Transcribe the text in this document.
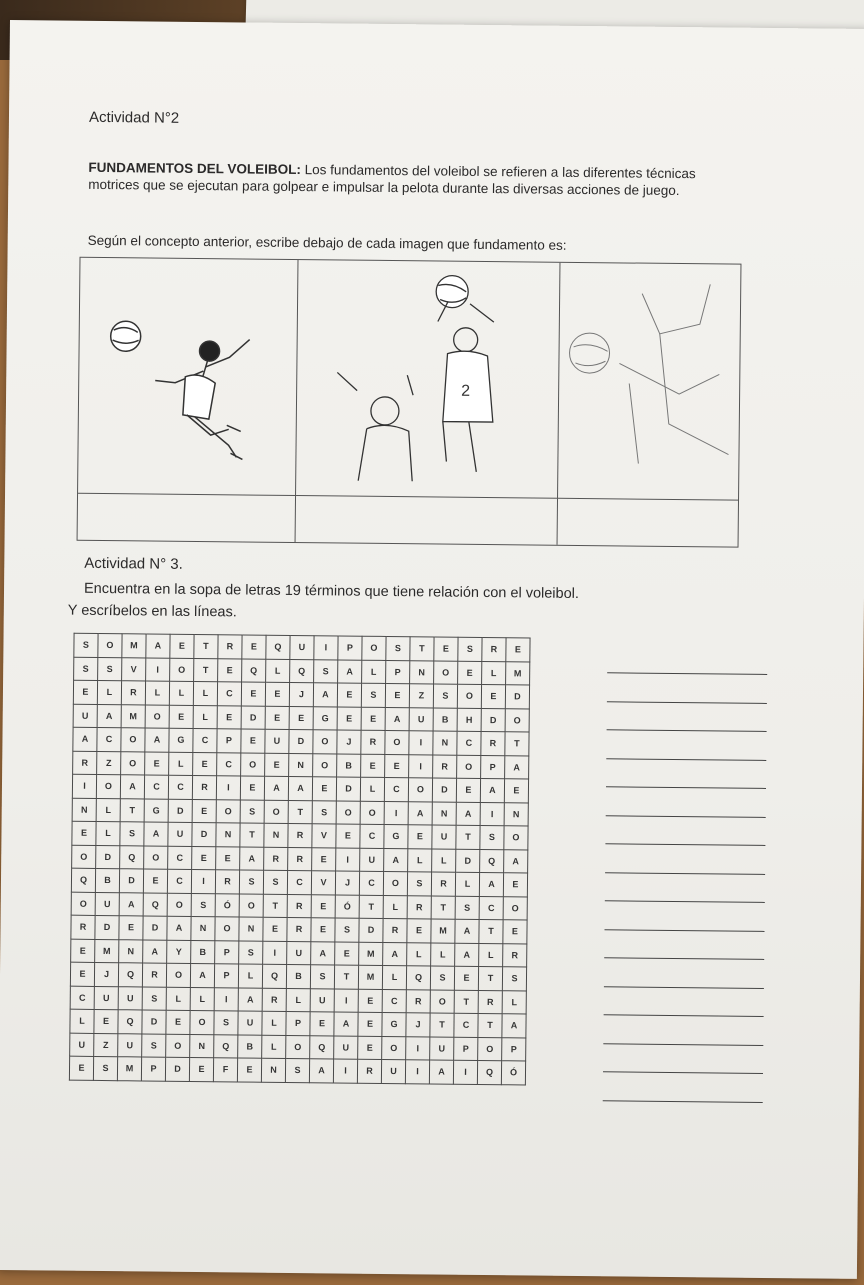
Actividad N°2
FUNDAMENTOS DEL VOLEIBOL: Los fundamentos del voleibol se refieren a las diferentes técnicas motrices que se ejecutan para golpear e impulsar la pelota durante las diversas acciones de juego.
Según el concepto anterior, escribe debajo de cada imagen que fundamento es:
2
Actividad N° 3.
Encuentra en la sopa de letras 19 términos que tiene relación con el voleibol.
Y escríbelos en las líneas.
S	O	M	A	E	T	R	E	Q	U	I	P	O	S	T	E	S	R	E
S	S	V	I	O	T	E	Q	L	Q	S	A	L	P	N	O	E	L	M
E	L	R	L	L	L	C	E	E	J	A	E	S	E	Z	S	O	E	D
U	A	M	O	E	L	E	D	E	E	G	E	E	A	U	B	H	D	O
A	C	O	A	G	C	P	E	U	D	O	J	R	O	I	N	C	R	T
R	Z	O	E	L	E	C	O	E	N	O	B	E	E	I	R	O	P	A
I	O	A	C	C	R	I	E	A	A	E	D	L	C	O	D	E	A	E
N	L	T	G	D	E	O	S	O	T	S	O	O	I	A	N	A	I	N
E	L	S	A	U	D	N	T	N	R	V	E	C	G	E	U	T	S	O
O	D	Q	O	C	E	E	A	R	R	E	I	U	A	L	L	D	Q	A
Q	B	D	E	C	I	R	S	S	C	V	J	C	O	S	R	L	A	E
O	U	A	Q	O	S	Ó	O	T	R	E	Ó	T	L	R	T	S	C	O
R	D	E	D	A	N	O	N	E	R	E	S	D	R	E	M	A	T	E
E	M	N	A	Y	B	P	S	I	U	A	E	M	A	L	L	A	L	R
E	J	Q	R	O	A	P	L	Q	B	S	T	M	L	Q	S	E	T	S
C	U	U	S	L	L	I	A	R	L	U	I	E	C	R	O	T	R	L
L	E	Q	D	E	O	S	U	L	P	E	A	E	G	J	T	C	T	A
U	Z	U	S	O	N	Q	B	L	O	Q	U	E	O	I	U	P	O	P
E	S	M	P	D	E	F	E	N	S	A	I	R	U	I	A	I	Q	Ó
